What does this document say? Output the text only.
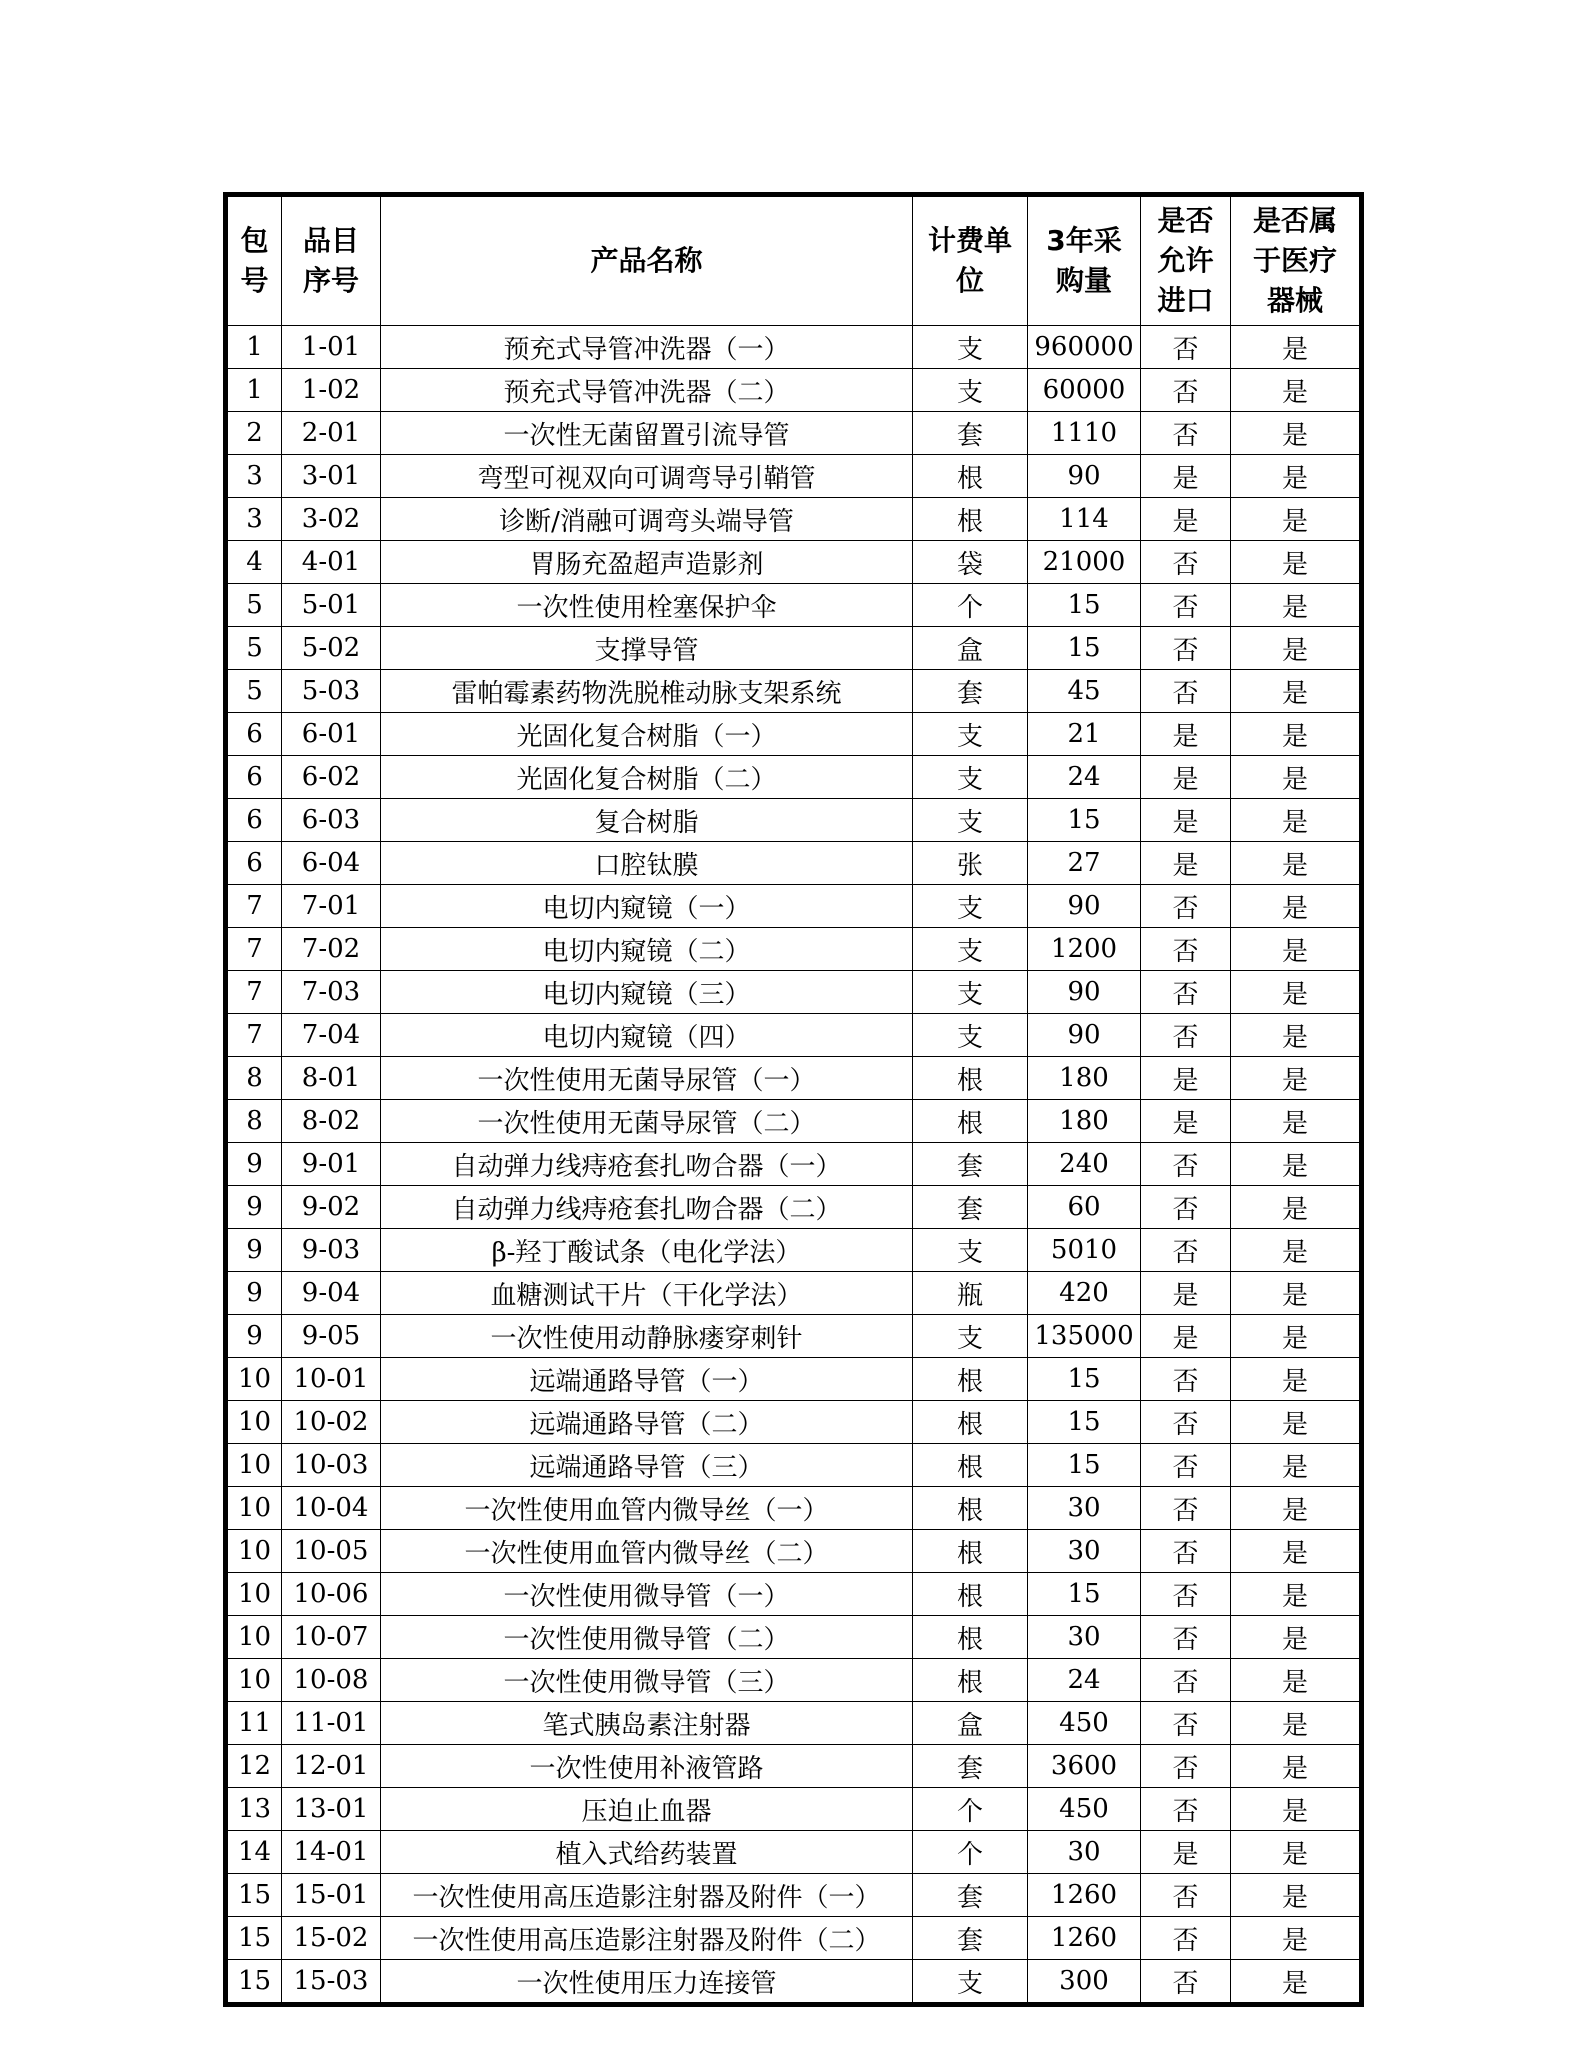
包号	品目序号	产品名称	计费单位	3年采购量	是否允许进口	是否属于医疗器械
1	1-01	预充式导管冲洗器（一）	支	960000	否	是
1	1-02	预充式导管冲洗器（二）	支	60000	否	是
2	2-01	一次性无菌留置引流导管	套	1110	否	是
3	3-01	弯型可视双向可调弯导引鞘管	根	90	是	是
3	3-02	诊断/消融可调弯头端导管	根	114	是	是
4	4-01	胃肠充盈超声造影剂	袋	21000	否	是
5	5-01	一次性使用栓塞保护伞	个	15	否	是
5	5-02	支撑导管	盒	15	否	是
5	5-03	雷帕霉素药物洗脱椎动脉支架系统	套	45	否	是
6	6-01	光固化复合树脂（一）	支	21	是	是
6	6-02	光固化复合树脂（二）	支	24	是	是
6	6-03	复合树脂	支	15	是	是
6	6-04	口腔钛膜	张	27	是	是
7	7-01	电切内窥镜（一）	支	90	否	是
7	7-02	电切内窥镜（二）	支	1200	否	是
7	7-03	电切内窥镜（三）	支	90	否	是
7	7-04	电切内窥镜（四）	支	90	否	是
8	8-01	一次性使用无菌导尿管（一）	根	180	是	是
8	8-02	一次性使用无菌导尿管（二）	根	180	是	是
9	9-01	自动弹力线痔疮套扎吻合器（一）	套	240	否	是
9	9-02	自动弹力线痔疮套扎吻合器（二）	套	60	否	是
9	9-03	β-羟丁酸试条（电化学法）	支	5010	否	是
9	9-04	血糖测试干片（干化学法）	瓶	420	是	是
9	9-05	一次性使用动静脉瘘穿刺针	支	135000	是	是
10	10-01	远端通路导管（一）	根	15	否	是
10	10-02	远端通路导管（二）	根	15	否	是
10	10-03	远端通路导管（三）	根	15	否	是
10	10-04	一次性使用血管内微导丝（一）	根	30	否	是
10	10-05	一次性使用血管内微导丝（二）	根	30	否	是
10	10-06	一次性使用微导管（一）	根	15	否	是
10	10-07	一次性使用微导管（二）	根	30	否	是
10	10-08	一次性使用微导管（三）	根	24	否	是
11	11-01	笔式胰岛素注射器	盒	450	否	是
12	12-01	一次性使用补液管路	套	3600	否	是
13	13-01	压迫止血器	个	450	否	是
14	14-01	植入式给药装置	个	30	是	是
15	15-01	一次性使用高压造影注射器及附件（一）	套	1260	否	是
15	15-02	一次性使用高压造影注射器及附件（二）	套	1260	否	是
15	15-03	一次性使用压力连接管	支	300	否	是
